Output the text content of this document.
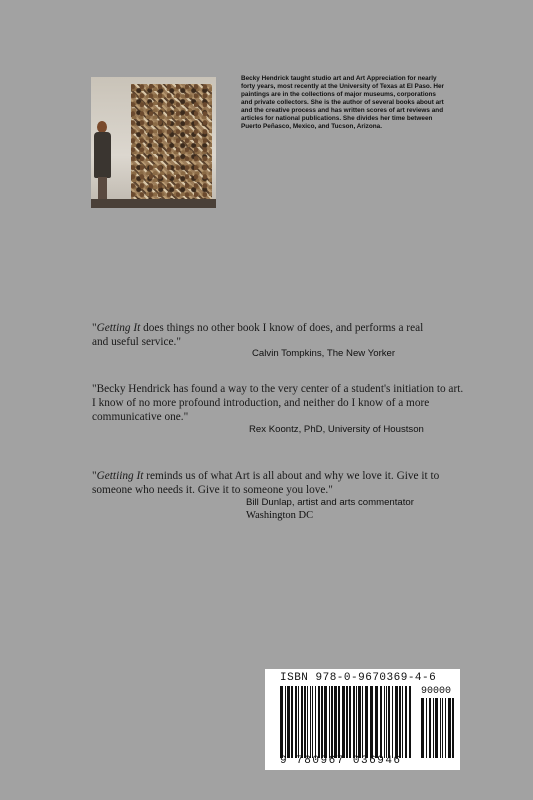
Becky Hendrick taught studio art and Art Appreciation for nearly forty years, most recently at the University of Texas at El Paso. Her paintings are in the collections of major museums, corporations and private collectors. She is the author of several books about art and the creative process and has written scores of art reviews and articles for national publications. She divides her time between Puerto Peñasco, Mexico, and Tucson, Arizona.
"Getting It does things no other book I know of does, and performs a real
and useful service."
Calvin Tompkins, The New Yorker
"Becky Hendrick has found a way to the very center of a student's initiation to art.
I know of no more profound introduction, and neither do I know of a more
communicative one."
Rex Koontz, PhD, University of Houstson
"Gettiing It reminds us of what Art is all about and why we love it. Give it to
someone who needs it. Give it to someone you love."
Bill Dunlap, artist and arts commentator
Washington DC
ISBN 978-0-9670369-4-6
90000
9 780967 036946
